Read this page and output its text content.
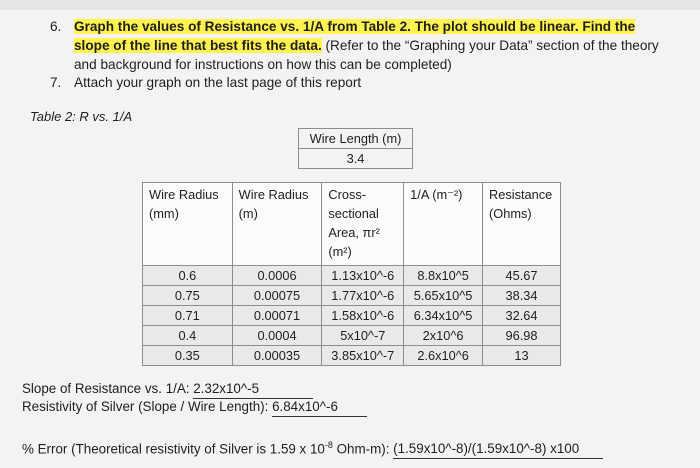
6. Graph the values of Resistance vs. 1/A from Table 2. The plot should be linear. Find the slope of the line that best fits the data. (Refer to the “Graphing your Data” section of the theory and background for instructions on how this can be completed)
7. Attach your graph on the last page of this report
Table 2: R vs. 1/A
Wire Length (m)
3.4
Wire Radius (mm)	Wire Radius (m)	Cross-sectional Area, πr² (m²)	1/A (m⁻²)	Resistance (Ohms)
0.6	0.0006	1.13x10^-6	8.8x10^5	45.67
0.75	0.00075	1.77x10^-6	5.65x10^5	38.34
0.71	0.00071	1.58x10^-6	6.34x10^5	32.64
0.4	0.0004	5x10^-7	2x10^6	96.98
0.35	0.00035	3.85x10^-7	2.6x10^6	13
Slope of Resistance vs. 1/A: 2.32x10^-5
Resistivity of Silver (Slope / Wire Length): 6.84x10^-6
% Error (Theoretical resistivity of Silver is 1.59 x $10^{-8}$ Ohm-m): (1.59x10^-8)/(1.59x10^-8) x100
